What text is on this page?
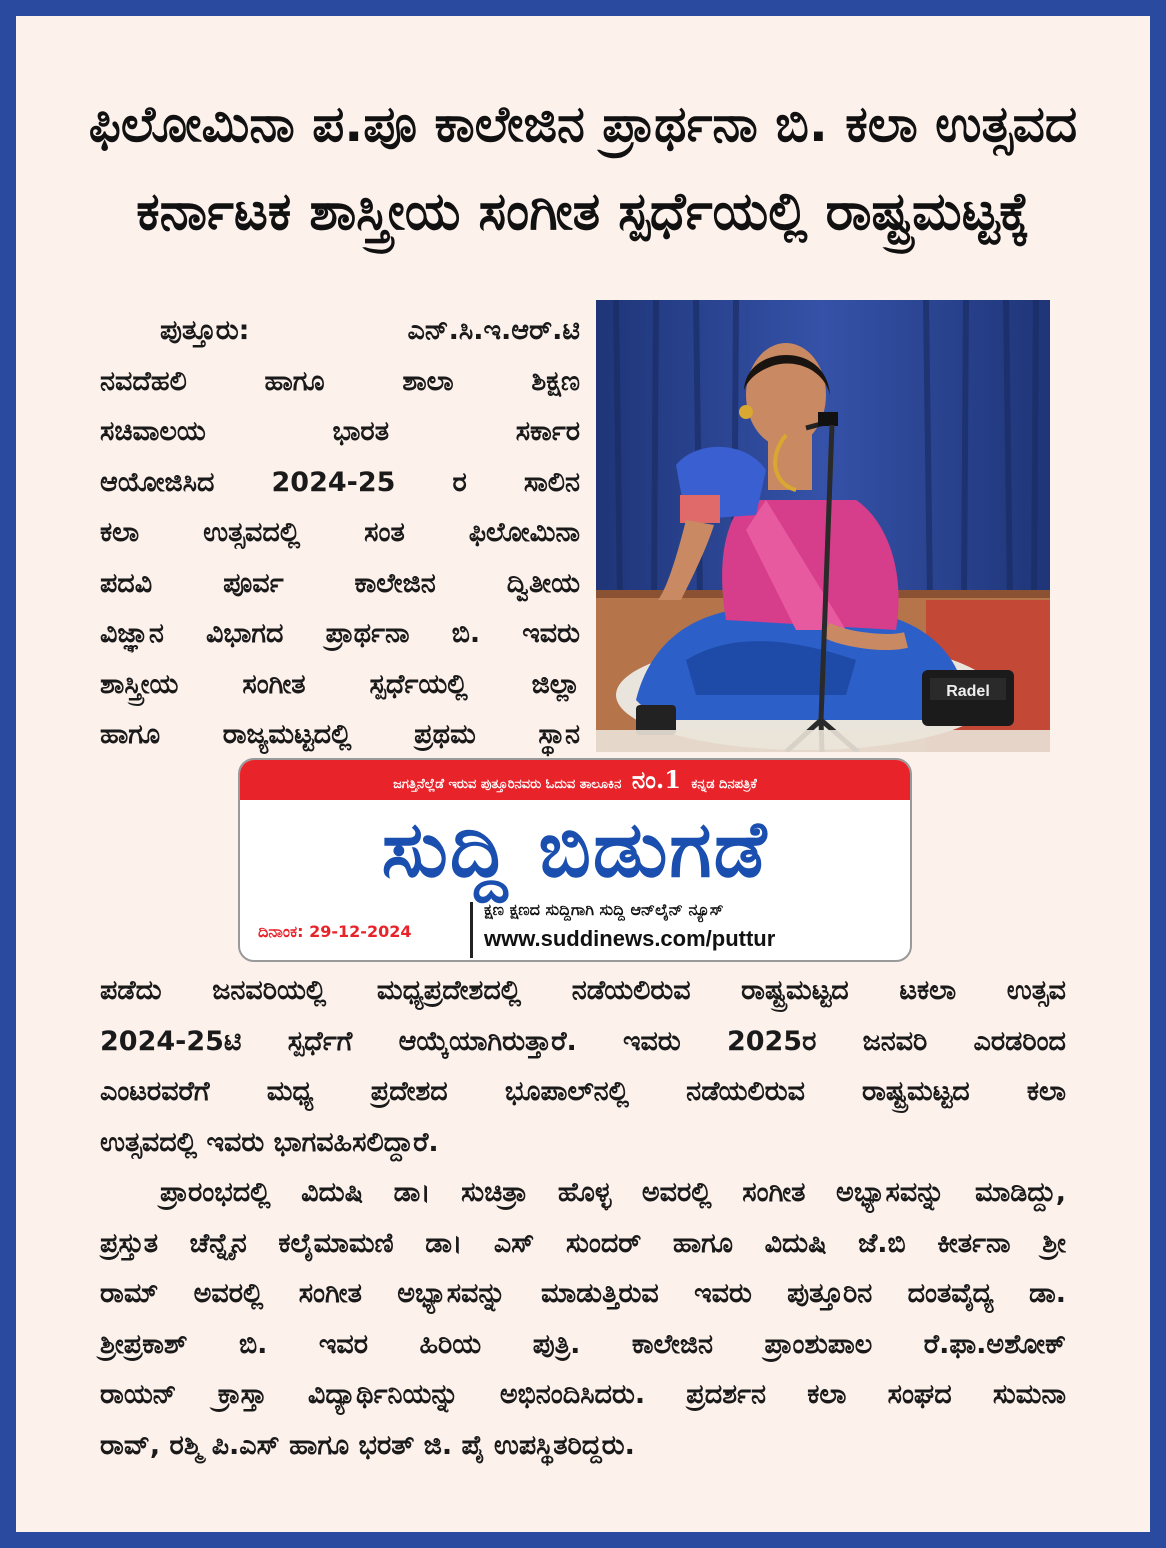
ಫಿಲೋಮಿನಾ ಪ.ಪೂ ಕಾಲೇಜಿನ ಪ್ರಾರ್ಥನಾ ಬಿ. ಕಲಾ ಉತ್ಸವದ
ಕರ್ನಾಟಕ ಶಾಸ್ತ್ರೀಯ ಸಂಗೀತ ಸ್ಪರ್ಧೆಯಲ್ಲಿ ರಾಷ್ಟ್ರಮಟ್ಟಕ್ಕೆ
ಪುತ್ತೂರು: ಎನ್.ಸಿ.ಇ.ಆರ್.ಟಿ
ನವದೆಹಲಿ ಹಾಗೂ ಶಾಲಾ ಶಿಕ್ಷಣ
ಸಚಿವಾಲಯ ಭಾರತ ಸರ್ಕಾರ
ಆಯೋಜಿಸಿದ 2024-25 ರ ಸಾಲಿನ
ಕಲಾ ಉತ್ಸವದಲ್ಲಿ ಸಂತ ಫಿಲೋಮಿನಾ
ಪದವಿ ಪೂರ್ವ ಕಾಲೇಜಿನ ದ್ವಿತೀಯ
ವಿಜ್ಞಾನ ವಿಭಾಗದ ಪ್ರಾರ್ಥನಾ ಬಿ. ಇವರು
ಶಾಸ್ತ್ರೀಯ ಸಂಗೀತ ಸ್ಪರ್ಧೆಯಲ್ಲಿ ಜಿಲ್ಲಾ
ಹಾಗೂ ರಾಜ್ಯಮಟ್ಟದಲ್ಲಿ ಪ್ರಥಮ ಸ್ಥಾನ
Radel
ಜಗತ್ತಿನೆಲ್ಲೆಡೆ ಇರುವ ಪುತ್ತೂರಿನವರು ಓದುವ ತಾಲೂಕಿನ ನಂ.1 ಕನ್ನಡ ದಿನಪತ್ರಿಕೆ
ಸುದ್ದಿ ಬಿಡುಗಡೆ
ದಿನಾಂಕ: 29-12-2024
ಕ್ಷಣ ಕ್ಷಣದ ಸುದ್ದಿಗಾಗಿ ಸುದ್ದಿ ಆನ್‌ಲೈನ್ ನ್ಯೂಸ್
www.suddinews.com/puttur
ಪಡೆದು ಜನವರಿಯಲ್ಲಿ ಮಧ್ಯಪ್ರದೇಶದಲ್ಲಿ ನಡೆಯಲಿರುವ ರಾಷ್ಟ್ರಮಟ್ಟದ ಟಕಲಾ ಉತ್ಸವ
2024-25ಟಿ ಸ್ಪರ್ಧೆಗೆ ಆಯ್ಕೆಯಾಗಿರುತ್ತಾರೆ. ಇವರು 2025ರ ಜನವರಿ ಎರಡರಿಂದ
ಎಂಟರವರೆಗೆ ಮಧ್ಯ ಪ್ರದೇಶದ ಭೂಪಾಲ್‌ನಲ್ಲಿ ನಡೆಯಲಿರುವ ರಾಷ್ಟ್ರಮಟ್ಟದ ಕಲಾ
ಉತ್ಸವದಲ್ಲಿ ಇವರು ಭಾಗವಹಿಸಲಿದ್ದಾರೆ.
ಪ್ರಾರಂಭದಲ್ಲಿ ವಿದುಷಿ ಡಾ। ಸುಚಿತ್ರಾ ಹೊಳ್ಳ ಅವರಲ್ಲಿ ಸಂಗೀತ ಅಭ್ಯಾಸವನ್ನು ಮಾಡಿದ್ದು,
ಪ್ರಸ್ತುತ ಚೆನ್ನೈನ ಕಲೈಮಾಮಣಿ ಡಾ। ಎಸ್ ಸುಂದರ್ ಹಾಗೂ ವಿದುಷಿ ಜೆ.ಬಿ ಕೀರ್ತನಾ ಶ್ರೀ
ರಾಮ್ ಅವರಲ್ಲಿ ಸಂಗೀತ ಅಭ್ಯಾಸವನ್ನು ಮಾಡುತ್ತಿರುವ ಇವರು ಪುತ್ತೂರಿನ ದಂತವೈದ್ಯ ಡಾ.
ಶ್ರೀಪ್ರಕಾಶ್ ಬಿ. ಇವರ ಹಿರಿಯ ಪುತ್ರಿ. ಕಾಲೇಜಿನ ಪ್ರಾಂಶುಪಾಲ ರೆ.ಫಾ.ಅಶೋಕ್
ರಾಯನ್ ಕ್ರಾಸ್ತಾ ವಿದ್ಯಾರ್ಥಿನಿಯನ್ನು ಅಭಿನಂದಿಸಿದರು. ಪ್ರದರ್ಶನ ಕಲಾ ಸಂಘದ ಸುಮನಾ
ರಾವ್, ರಶ್ಮಿ ಪಿ.ಎಸ್ ಹಾಗೂ ಭರತ್ ಜಿ. ಪೈ ಉಪಸ್ಥಿತರಿದ್ದರು.
